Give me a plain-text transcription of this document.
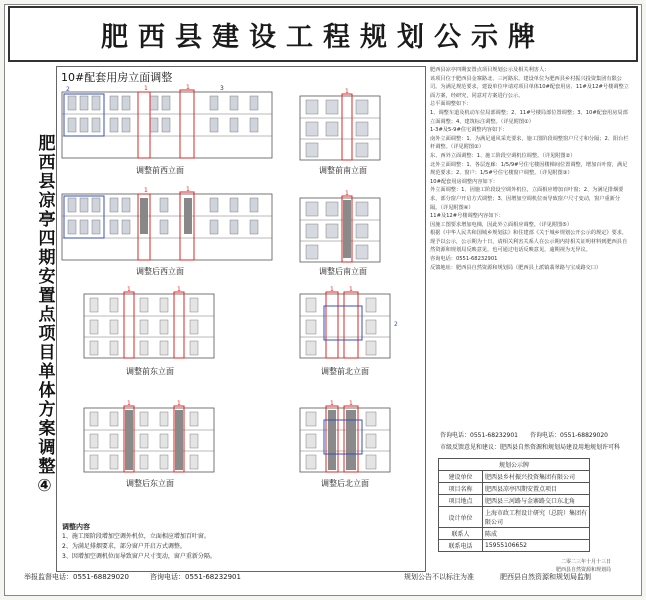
肥西县建设工程规划公示牌
肥西县凉亭四期安置点项目单体方案调整④
10#配套用房立面调整
2	1	1	3
调整前西立面
1
调整前南立面
1	1
调整后西立面
1
调整后南立面
1	1
调整前东立面
1	1
2
调整前北立面
1	1
调整后东立面
1	1
调整后北立面
调整内容
1、施工图阶段增加空调外机位，立面相应增加百叶窗。
2、为满足排烟要求，部分窗户开启方式调整。
3、因增加空调机位而导致窗户尺寸变动，窗户重新分隔。
肥西县凉亭四期安置点项目规划公示及相关利害人：
该项目位于肥西县金寨路北、三河路东。建设单位为肥西县乡村振兴投资集团有限公司。为满足规范要求，建设单位申请对项目单体10#配套用房、11#及12#号楼调整立面方案，经研究，同意对方案进行公示。
总平面调整如下：
1、调整车道及机动车位局部调整；2、11#号楼局部位置调整；3、10#配套用房局部立面调整；4、建筑标注调整。（详见附图①）
1-3#及5-9#住宅调整内容如下：
南外立面调整：1、为满足通风采光要求，施工图阶段调整窗户尺寸和分隔；2、阳台栏杆调整。（详见附图②）
东、西外立面调整：1、施工阶段空调机位调整。（详见附图②）
北外立面调整：1、各层连廊：1/5/9#号住宅楼因楼梯间位置调整，增加百叶窗，满足规范要求；2、窗户：1/5#号住宅楼窗户调整。（详见附图③）
10#配套用房调整内容如下：
外立面调整：1、因施工阶段设空调外机位，立面相应增加百叶窗；2、为满足排烟要求，部分窗户开启方式调整；3、因增加空调机位而导致窗户尺寸变动，窗户重新分隔。（详见附图④）
11#及12#号楼调整内容如下：
因施工图要求增加电梯，因此外立面相应调整。（详见附图⑤）
根据《中华人民共和国城乡规划法》和住建部《关于城乡规划公开公示的规定》要求，现予以公示，公示期为十日，请相关利害关系人在公示期内持相关证明材料到肥西县自然资源和规划局反映意见，也可通过电话反映意见，逾期视为无异议。
咨询电话：0551-68232901
反馈地址：肥西县自然资源和规划局（肥西县上派镇翡翠路与宝成路交口）
咨询电话：0551-68232901 咨询电话：0551-68829020
市级反馈意见和建议：肥西县自然资源和规划局建设用地规划许可科
规划公示牌	
建设单位	肥西县乡村振兴投资集团有限公司
项目名称	肥西县凉亭四期安置点项目
项目地点	肥西县三河路与金寨路交口东北角
设计单位	上海市政工程设计研究（总院）集团有限公司
联系人	陈成
联系电话	15955106652
二零二三年十月十三日
肥西县自然资源和规划局
举报监督电话：0551-68829020	咨询电话：0551-68232901	规划公告不以标注为准	肥西县自然资源和规划局监制
